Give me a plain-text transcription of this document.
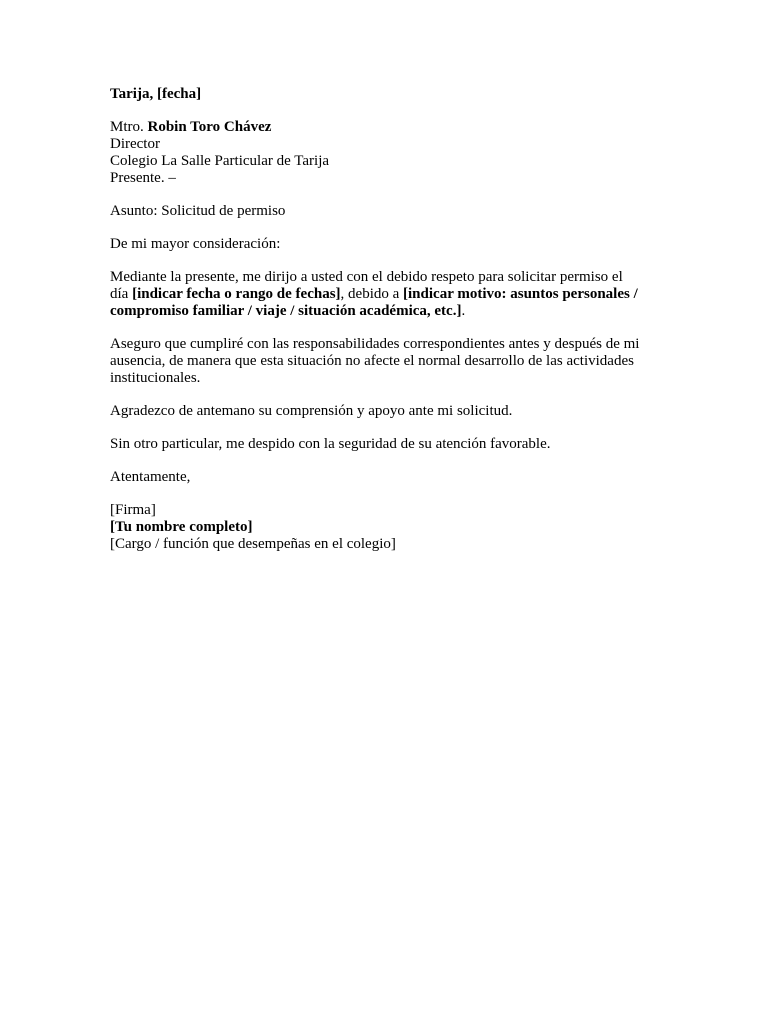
Tarija, [fecha]
Mtro. Robin Toro Chávez
Director
Colegio La Salle Particular de Tarija
Presente. –
Asunto: Solicitud de permiso
De mi mayor consideración:
Mediante la presente, me dirijo a usted con el debido respeto para solicitar permiso el
día [indicar fecha o rango de fechas], debido a [indicar motivo: asuntos personales /
compromiso familiar / viaje / situación académica, etc.].
Aseguro que cumpliré con las responsabilidades correspondientes antes y después de mi
ausencia, de manera que esta situación no afecte el normal desarrollo de las actividades
institucionales.
Agradezco de antemano su comprensión y apoyo ante mi solicitud.
Sin otro particular, me despido con la seguridad de su atención favorable.
Atentamente,
[Firma]
[Tu nombre completo]
[Cargo / función que desempeñas en el colegio]
